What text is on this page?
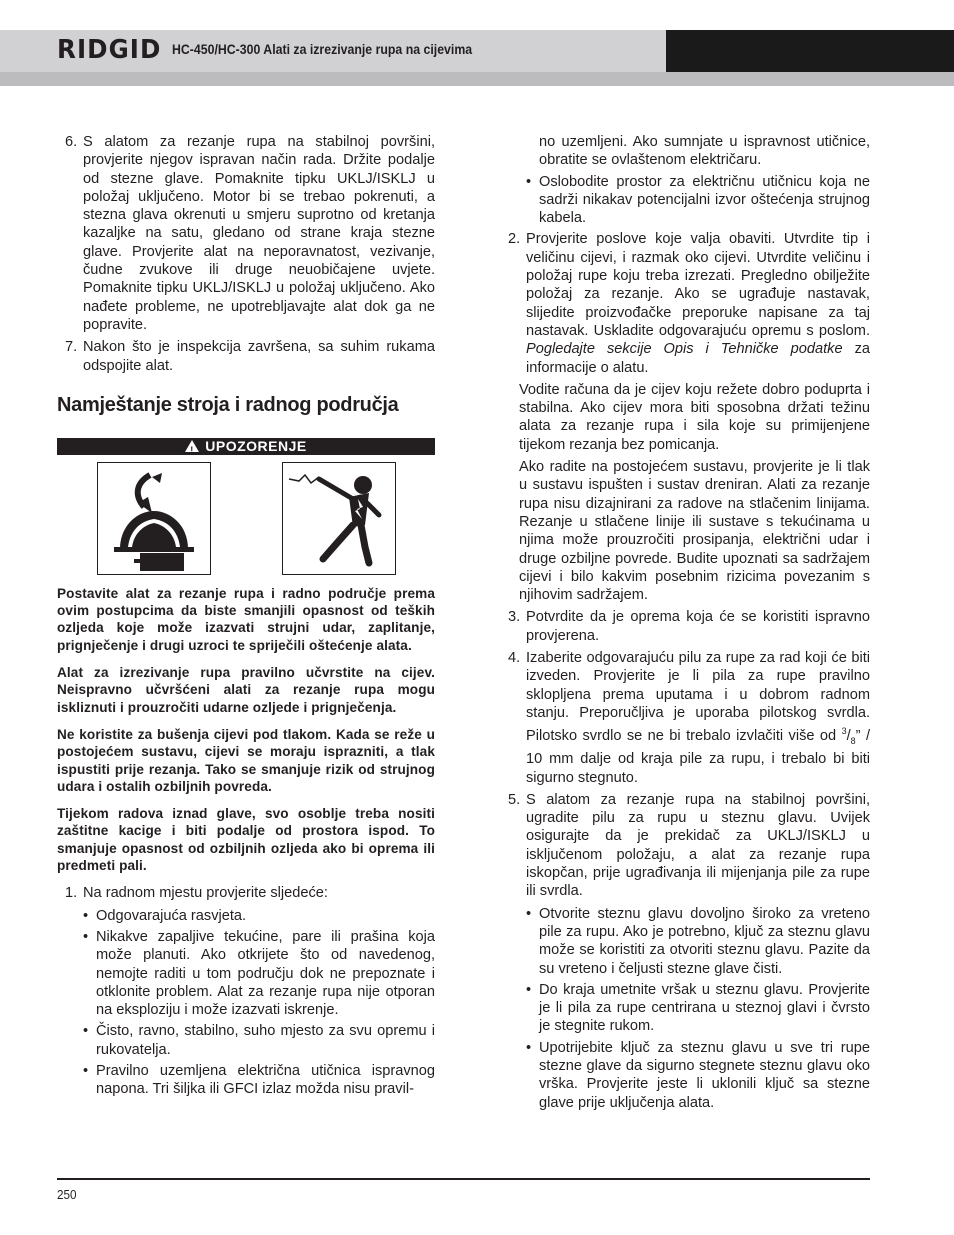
RIDGID HC-450/HC-300 Alati za izrezivanje rupa na cijevima
6. S alatom za rezanje rupa na stabilnoj površini, provjerite njegov ispravan način rada. Držite podalje od stezne glave. Pomaknite tipku UKLJ/ISKLJ u položaj uključeno. Motor bi se trebao pokrenuti, a stezna glava okrenuti u smjeru suprotno od kretanja kazaljke na satu, gledano od strane kraja stezne glave. Provjerite alat na neporavnatost, vezivanje, čudne zvukove ili druge neuobičajene uvjete. Pomaknite tipku UKLJ/ISKLJ u položaj uključeno. Ako nađete probleme, ne upotrebljavajte alat dok ga ne popravite.
7. Nakon što je inspekcija završena, sa suhim rukama odspojite alat.
Namještanje stroja i radnog područja
!
UPOZORENJE

Postavite alat za rezanje rupa i radno područje prema ovim postupcima da biste smanjili opasnost od teških ozljeda koje može izazvati strujni udar, zaplitanje, prignječenje i drugi uzroci te spriječili oštećenje alata.

Alat za izrezivanje rupa pravilno učvrstite na cijev. Neispravno učvršćeni alati za rezanje rupa mogu iskliznuti i prouzročiti udarne ozljede i prignječenja.

Ne koristite za bušenja cijevi pod tlakom. Kada se reže u postojećem sustavu, cijevi se moraju isprazniti, a tlak ispustiti prije rezanja. Tako se smanjuje rizik od strujnog udara i ostalih ozbiljnih povreda.

Tijekom radova iznad glave, svo osoblje treba nositi zaštitne kacige i biti podalje od prostora ispod. To smanjuje opasnost od ozbiljnih ozljeda ako bi oprema ili predmeti pali.

1. Na radnom mjestu provjerite sljedeće:
• Odgovarajuća rasvjeta.
• Nikakve zapaljive tekućine, pare ili prašina koja može planuti. Ako otkrijete što od navedenog, nemojte raditi u tom području dok ne prepoznate i otklonite problem. Alat za rezanje rupa nije otporan na eksploziju i može izazvati iskrenje.
• Čisto, ravno, stabilno, suho mjesto za svu opremu i rukovatelja.
• Pravilno uzemljena električna utičnica ispravnog napona. Tri šiljka ili GFCI izlaz možda nisu pravil-

no uzemljeni. Ako sumnjate u ispravnost utičnice, obratite se ovlaštenom električaru.

• Oslobodite prostor za električnu utičnicu koja ne sadrži nikakav potencijalni izvor oštećenja strujnog kabela.
2. Provjerite poslove koje valja obaviti. Utvrdite tip i veličinu cijevi, i razmak oko cijevi. Utvrdite veličinu i položaj rupe koju treba izrezati. Pregledno obilježite položaj za rezanje. Ako se ugrađuje nastavak, slijedite proizvođačke preporuke napisane za taj nastavak. Uskladite odgovarajuću opremu s poslom. Pogledajte sekcije Opis i Tehničke podatke za informacije o alatu.

Vodite računa da je cijev koju režete dobro poduprta i stabilna. Ako cijev mora biti sposobna držati težinu alata za rezanje rupa i sila koje su primijenjene tijekom rezanja bez pomicanja.

Ako radite na postojećem sustavu, provjerite je li tlak u sustavu ispušten i sustav dreniran. Alati za rezanje rupa nisu dizajnirani za radove na stlačenim linijama. Rezanje u stlačene linije ili sustave s tekućinama u njima može prouzročiti prosipanja, električni udar i druge ozbiljne povrede. Budite upoznati sa sadržajem cijevi i bilo kakvim posebnim rizicima povezanim s njihovim sadržajem.

3. Potvrdite da je oprema koja će se koristiti ispravno provjerena.
4. Izaberite odgovarajuću pilu za rupe za rad koji će biti izveden. Provjerite je li pila za rupe pravilno sklopljena prema uputama i u dobrom radnom stanju. Preporučljiva je uporaba pilotskog svrdla. Pilotsko svrdlo se ne bi trebalo izvlačiti više od $^3/_8$” / 10 mm dalje od kraja pile za rupu, i trebalo bi biti sigurno stegnuto.
5. S alatom za rezanje rupa na stabilnoj površini, ugradite pilu za rupu u steznu glavu. Uvijek osigurajte da je prekidač za UKLJ/ISKLJ u isključenom položaju, a alat za rezanje rupa iskopčan, prije ugrađivanja ili mijenjanja pile za rupe ili svrdla.
• Otvorite steznu glavu dovoljno široko za vreteno pile za rupu. Ako je potrebno, ključ za steznu glavu može se koristiti za otvoriti steznu glavu. Pazite da su vreteno i čeljusti stezne glave čisti.
• Do kraja umetnite vršak u steznu glavu. Provjerite je li pila za rupe centrirana u steznoj glavi i čvrsto je stegnite rukom.
• Upotrijebite ključ za steznu glavu u sve tri rupe stezne glave da sigurno stegnete steznu glavu oko vrška. Provjerite jeste li uklonili ključ sa stezne glave prije uključenja alata.
250
